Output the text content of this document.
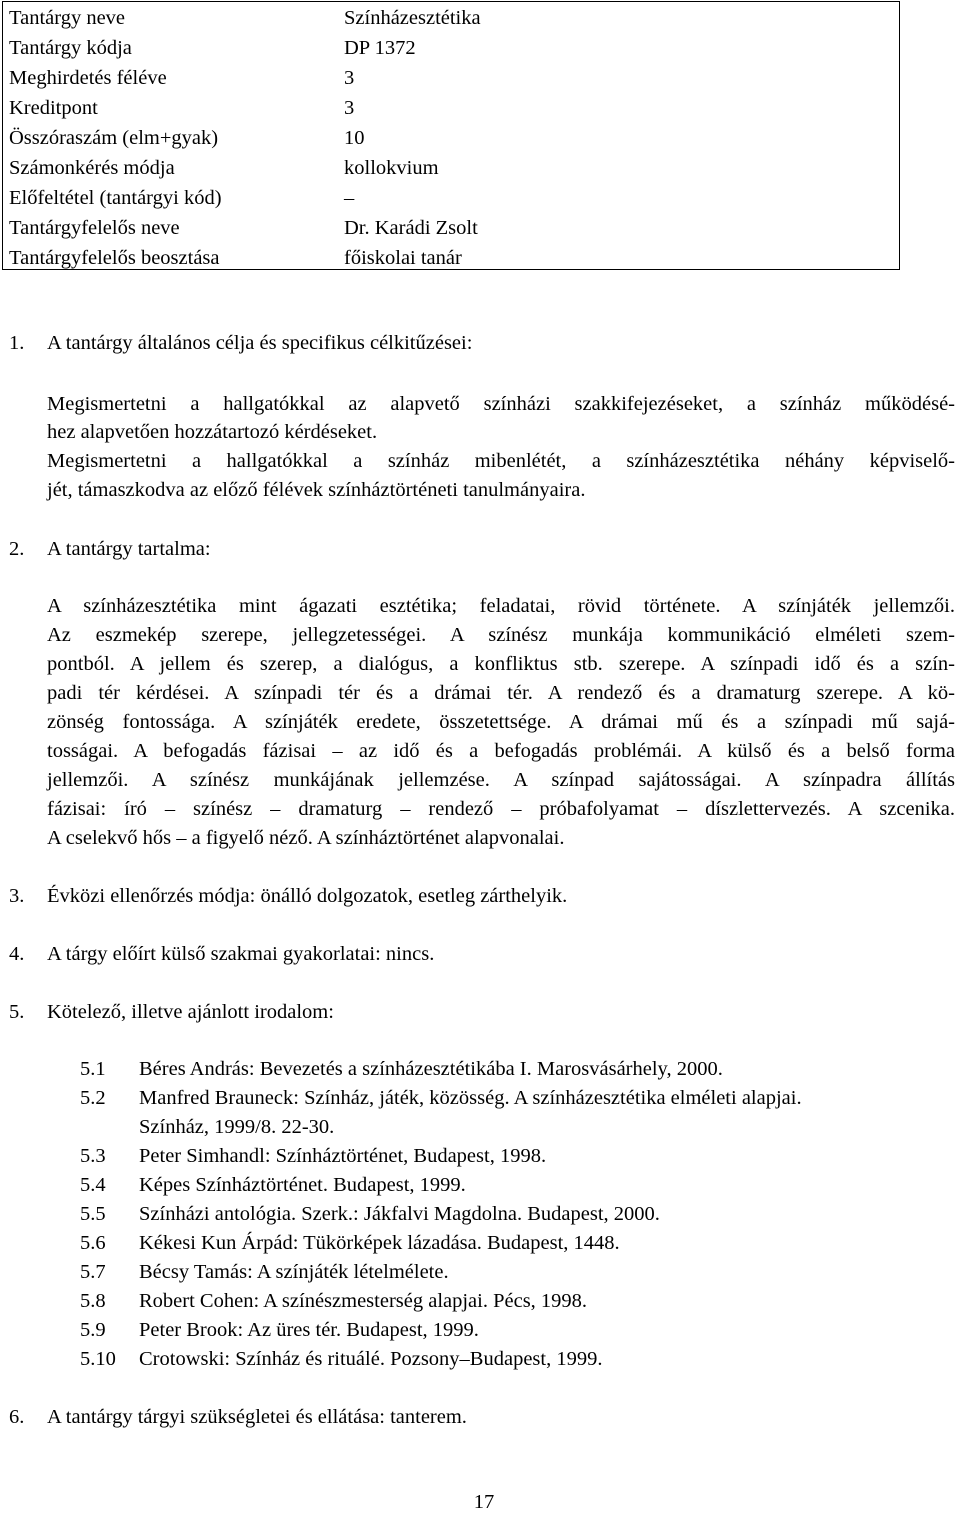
Tantárgy neve	Színházesztétika
Tantárgy kódja	DP 1372
Meghirdetés féléve	3
Kreditpont	3
Összóraszám (elm+gyak)	10
Számonkérés módja	kollokvium
Előfeltétel (tantárgyi kód)	–
Tantárgyfelelős neve	Dr. Karádi Zsolt
Tantárgyfelelős beosztása	főiskolai tanár
1. A tantárgy általános célja és specifikus célkitűzései:
Megismertetni a hallgatókkal az alapvető színházi szakkifejezéseket, a színház működésé-
hez alapvetően hozzátartozó kérdéseket.
Megismertetni a hallgatókkal a színház mibenlétét, a színházesztétika néhány képviselő-
jét, támaszkodva az előző félévek színháztörténeti tanulmányaira.
2. A tantárgy tartalma:
A színházesztétika mint ágazati esztétika; feladatai, rövid története. A színjáték jellemzői.
Az eszmekép szerepe, jellegzetességei. A színész munkája kommunikáció elméleti szem-
pontból. A jellem és szerep, a dialógus, a konfliktus stb. szerepe. A színpadi idő és a szín-
padi tér kérdései. A színpadi tér és a drámai tér. A rendező és a dramaturg szerepe. A kö-
zönség fontossága. A színjáték eredete, összetettsége. A drámai mű és a színpadi mű sajá-
tosságai. A befogadás fázisai – az idő és a befogadás problémái. A külső és a belső forma
jellemzői. A színész munkájának jellemzése. A színpad sajátosságai. A színpadra állítás
fázisai: író – színész – dramaturg – rendező – próbafolyamat – díszlettervezés. A szcenika.
A cselekvő hős – a figyelő néző. A színháztörténet alapvonalai.
3. Évközi ellenőrzés módja: önálló dolgozatok, esetleg zárthelyik.
4. A tárgy előírt külső szakmai gyakorlatai: nincs.
5. Kötelező, illetve ajánlott irodalom:
5.1 Béres András: Bevezetés a színházesztétikába I. Marosvásárhely, 2000.
5.2 Manfred Brauneck: Színház, játék, közösség. A színházesztétika elméleti alapjai.
Színház, 1999/8. 22-30.
5.3 Peter Simhandl: Színháztörténet, Budapest, 1998.
5.4 Képes Színháztörténet. Budapest, 1999.
5.5 Színházi antológia. Szerk.: Jákfalvi Magdolna. Budapest, 2000.
5.6 Kékesi Kun Árpád: Tükörképek lázadása. Budapest, 1448.
5.7 Bécsy Tamás: A színjáték lételmélete.
5.8 Robert Cohen: A színészmesterség alapjai. Pécs, 1998.
5.9 Peter Brook: Az üres tér. Budapest, 1999.
5.10 Crotowski: Színház és rituálé. Pozsony–Budapest, 1999.
6. A tantárgy tárgyi szükségletei és ellátása: tanterem.
17
